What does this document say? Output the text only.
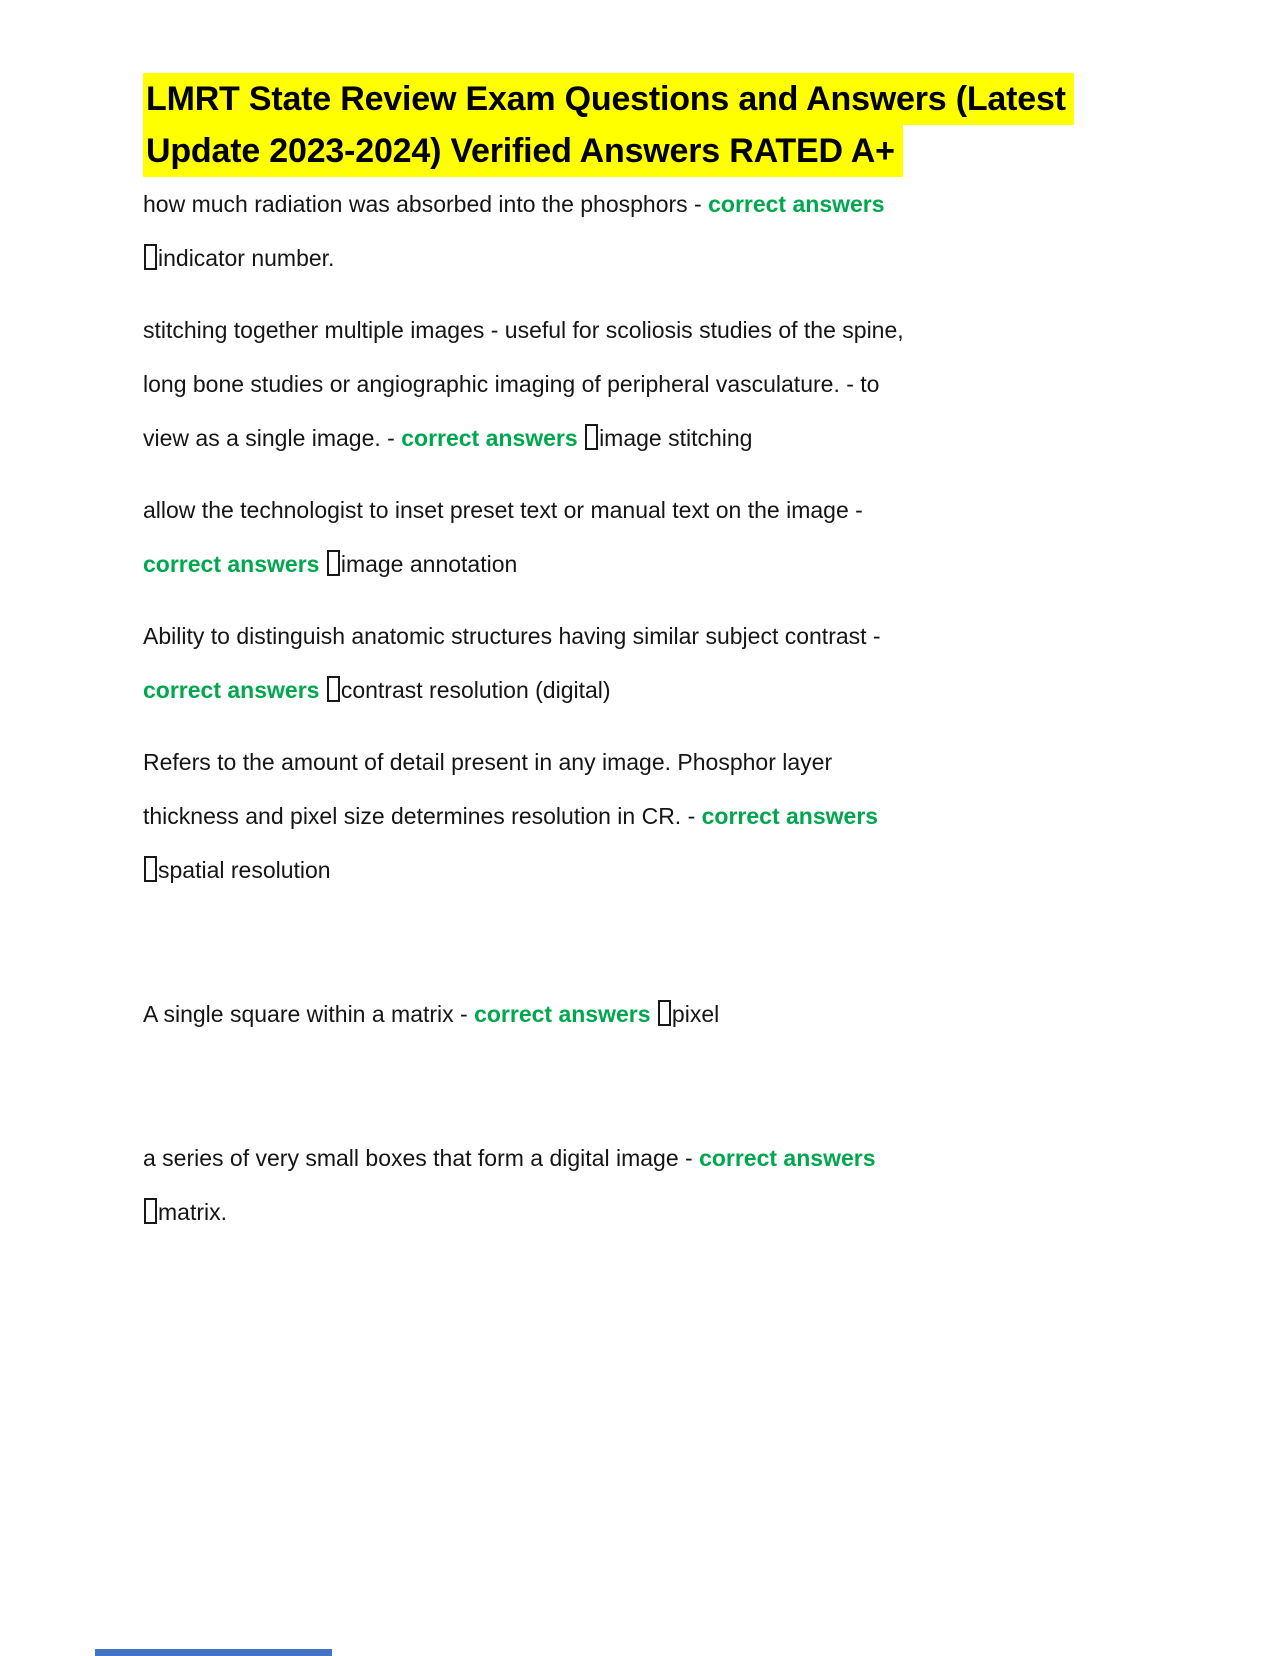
LMRT State Review Exam Questions and Answers (Latest
Update 2023-2024) Verified Answers RATED A+

how much radiation was absorbed into the phosphors - correct answers
indicator number.

stitching together multiple images - useful for scoliosis studies of the spine,
long bone studies or angiographic imaging of peripheral vasculature. - to
view as a single image. - correct answers image stitching

allow the technologist to inset preset text or manual text on the image -
correct answers image annotation

Ability to distinguish anatomic structures having similar subject contrast -
correct answers contrast resolution (digital)

Refers to the amount of detail present in any image. Phosphor layer
thickness and pixel size determines resolution in CR. - correct answers
spatial resolution

A single square within a matrix - correct answers pixel

a series of very small boxes that form a digital image - correct answers
matrix.
